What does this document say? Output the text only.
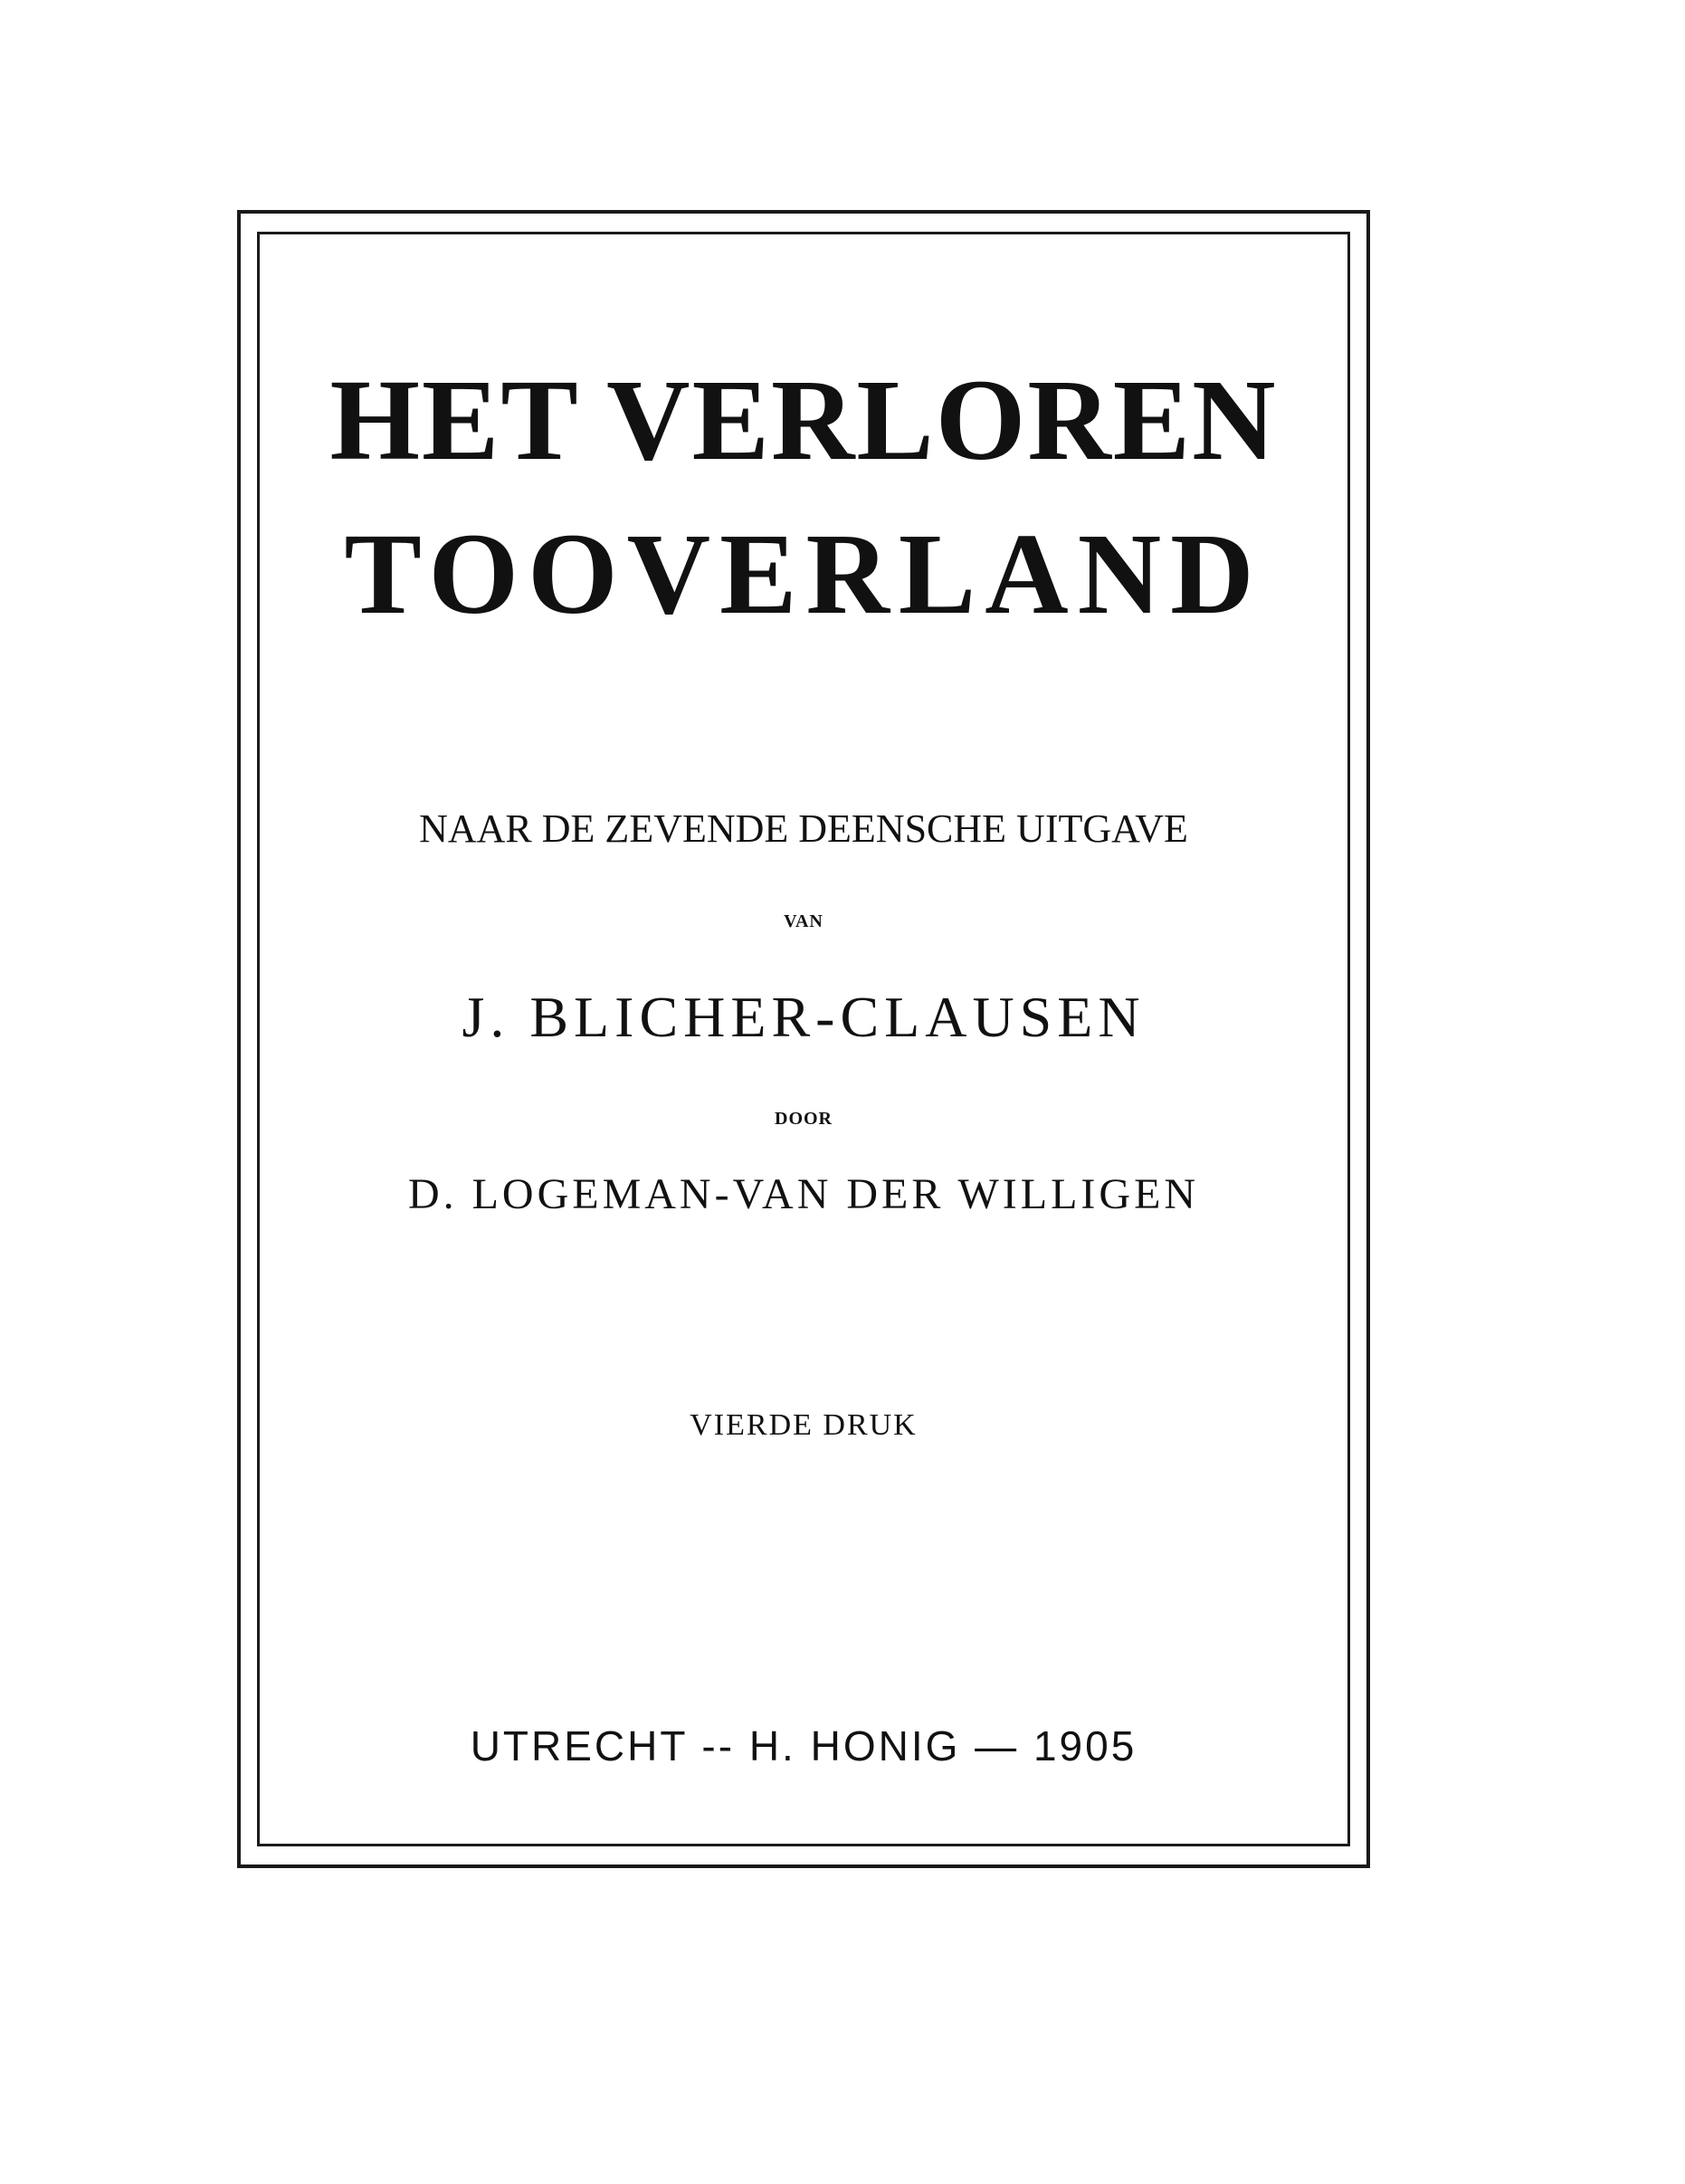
HET VERLOREN
TOOVERLAND

NAAR DE ZEVENDE DEENSCHE UITGAVE

VAN

J. BLICHER-CLAUSEN

DOOR

D. LOGEMAN-VAN DER WILLIGEN

VIERDE DRUK

UTRECHT -- H. HONIG — 1905
